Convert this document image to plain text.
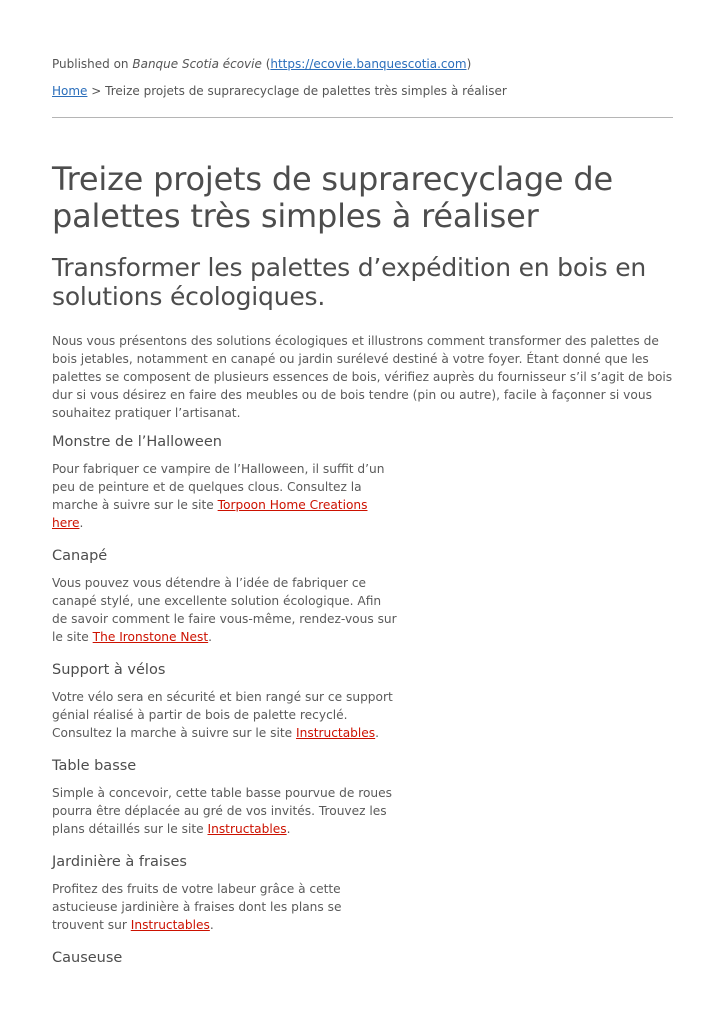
Published on Banque Scotia écovie (https://ecovie.banquescotia.com)
Home > Treize projets de suprarecyclage de palettes très simples à réaliser
Treize projets de suprarecyclage de palettes très simples à réaliser
Transformer les palettes d’expédition en bois en solutions écologiques.

Nous vous présentons des solutions écologiques et illustrons comment transformer des palettes de bois jetables, notamment en canapé ou jardin surélevé destiné à votre foyer. Étant donné que les palettes se composent de plusieurs essences de bois, vérifiez auprès du fournisseur s’il s’agit de bois dur si vous désirez en faire des meubles ou de bois tendre (pin ou autre), facile à façonner si vous souhaitez pratiquer l’artisanat.

Monstre de l’Halloween

Pour fabriquer ce vampire de l’Halloween, il suffit d’un peu de peinture et de quelques clous. Consultez la marche à suivre sur le site Torpoon Home Creations here.

Canapé

Vous pouvez vous détendre à l’idée de fabriquer ce canapé stylé, une excellente solution écologique. Afin de savoir comment le faire vous-même, rendez-vous sur le site The Ironstone Nest.

Support à vélos

Votre vélo sera en sécurité et bien rangé sur ce support génial réalisé à partir de bois de palette recyclé. Consultez la marche à suivre sur le site Instructables.

Table basse

Simple à concevoir, cette table basse pourvue de roues pourra être déplacée au gré de vos invités. Trouvez les plans détaillés sur le site Instructables.

Jardinière à fraises

Profitez des fruits de votre labeur grâce à cette astucieuse jardinière à fraises dont les plans se trouvent sur Instructables.

Causeuse
